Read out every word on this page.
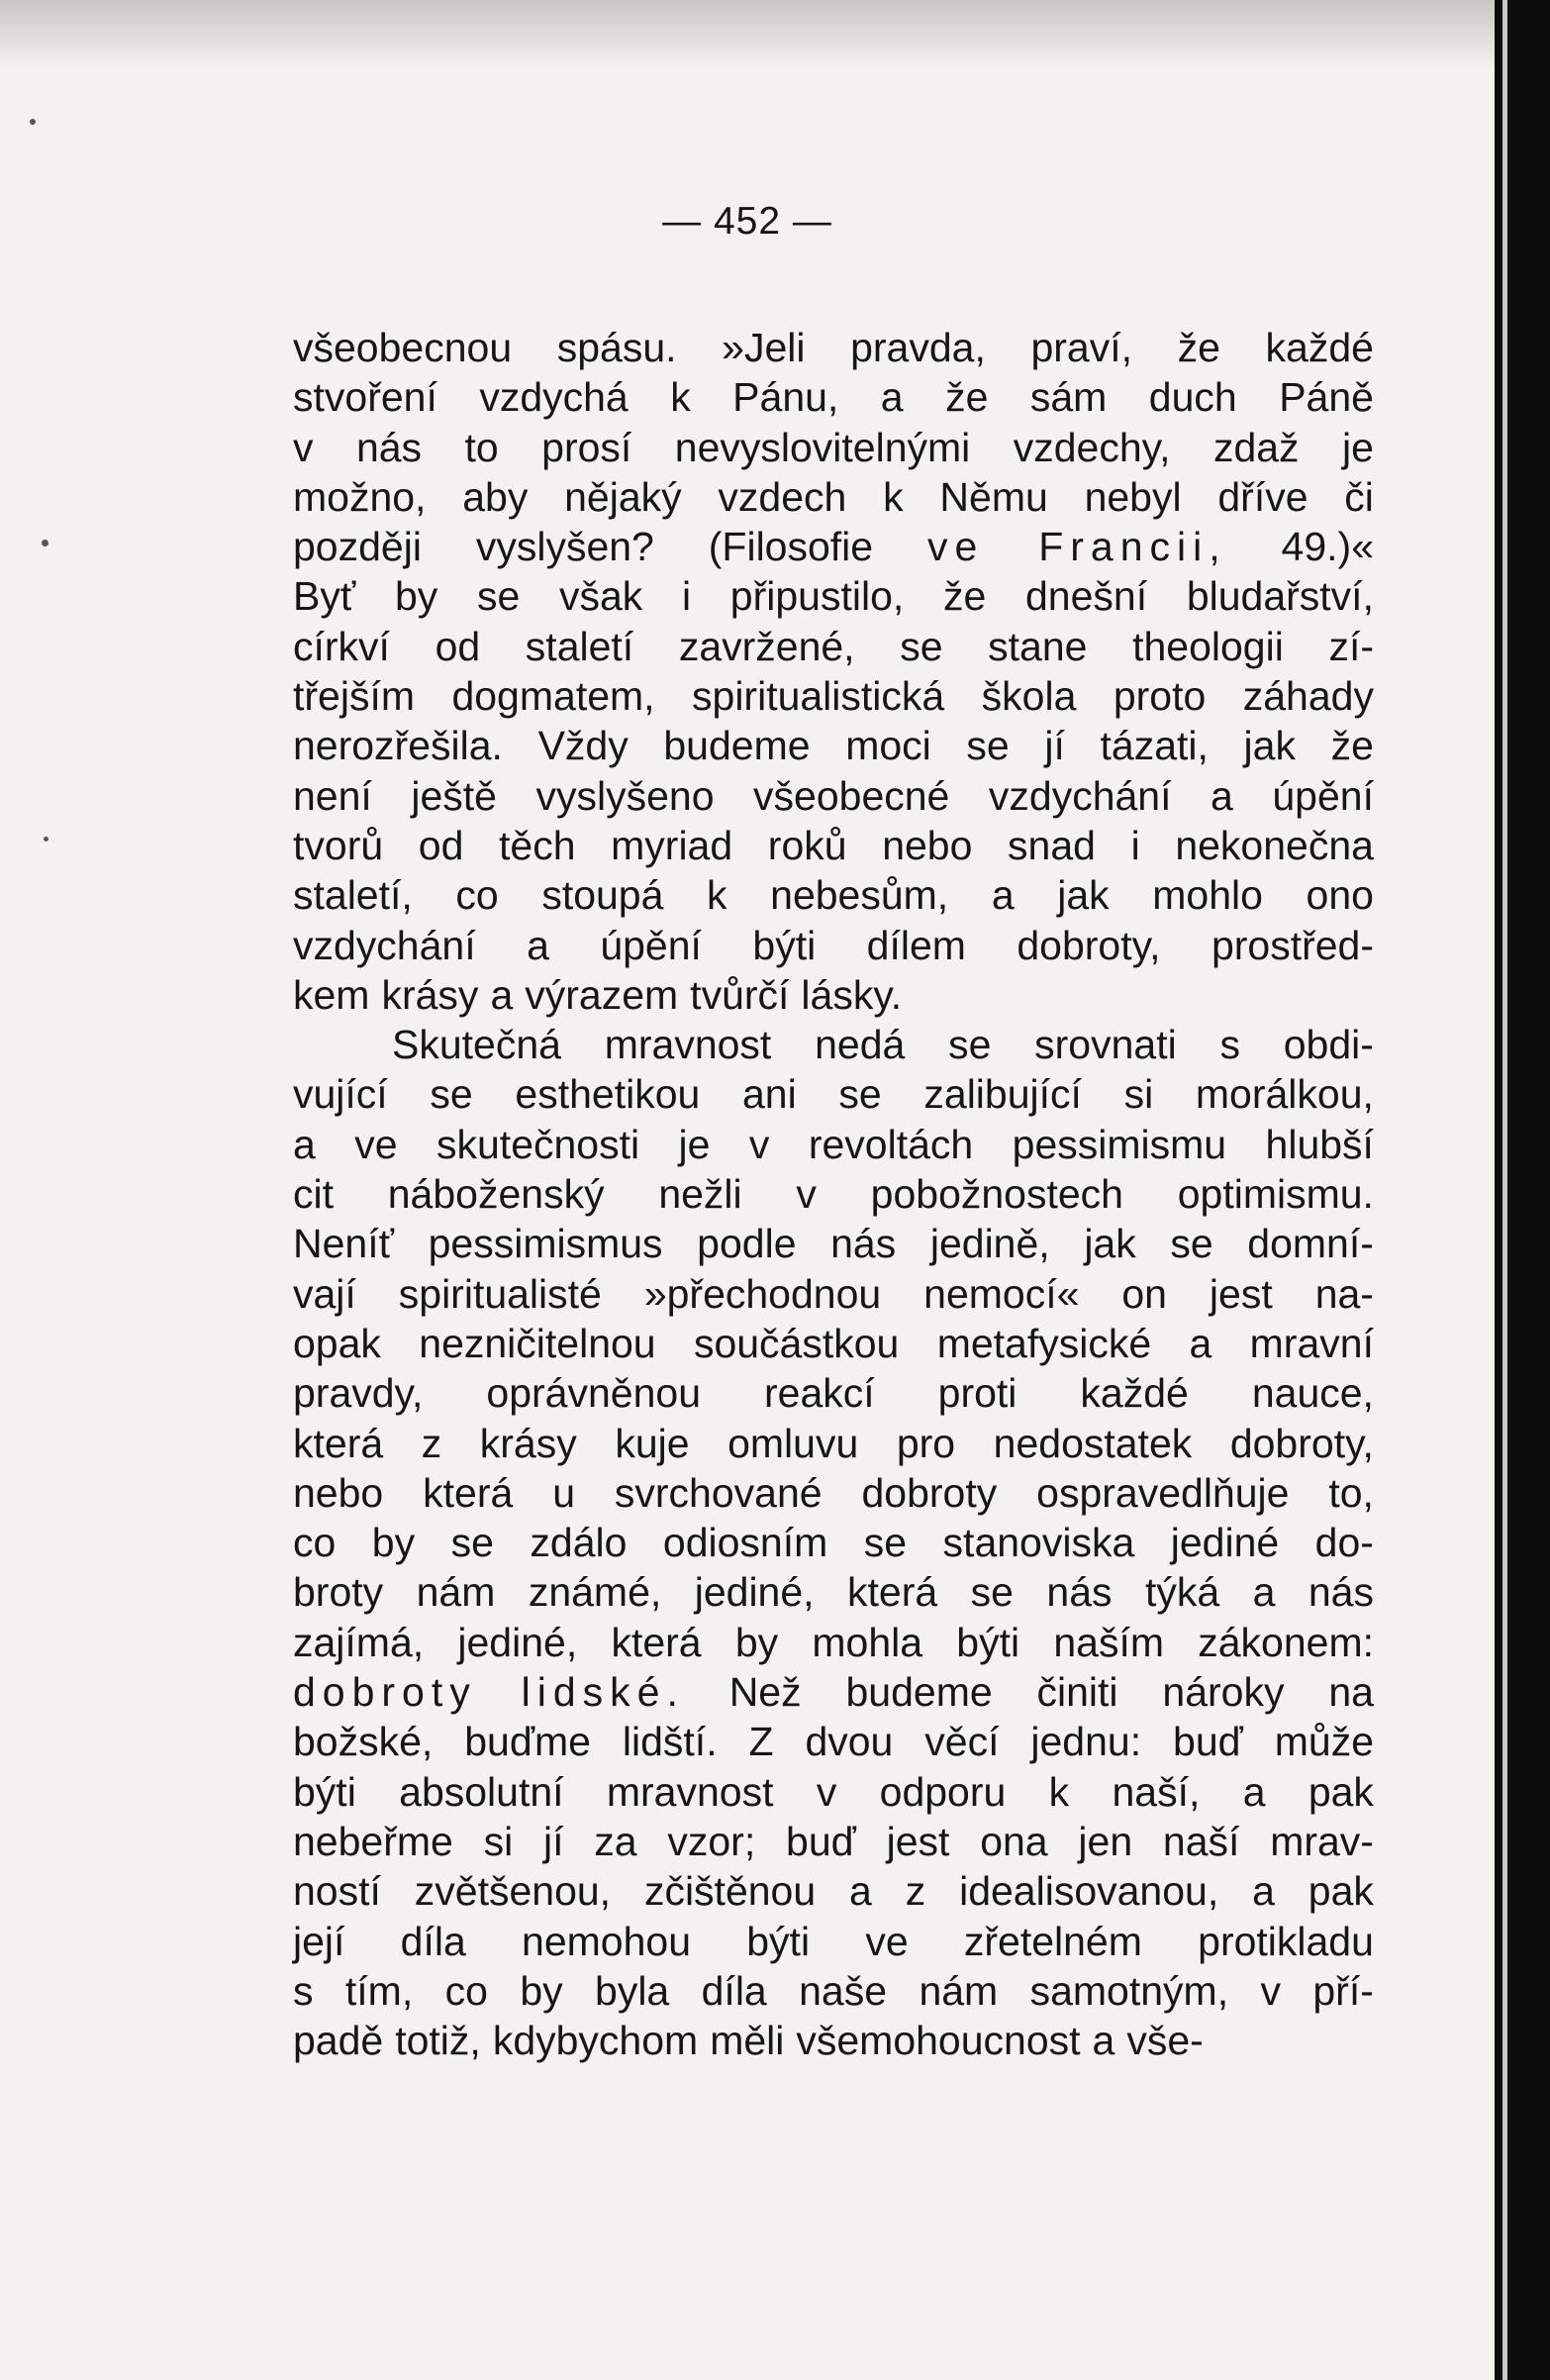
— 452 —
všeobecnou spásu. »Jeli pravda, praví, že každé
stvoření vzdychá k Pánu, a že sám duch Páně
v nás to prosí nevyslovitelnými vzdechy, zdaž je
možno, aby nějaký vzdech k Němu nebyl dříve či
později vyslyšen? (Filosofie ve Francii, 49.)«
Byť by se však i připustilo, že dnešní bludařství,
církví od staletí zavržené, se stane theologii zí-
třejším dogmatem, spiritualistická škola proto záhady
nerozřešila. Vždy budeme moci se jí tázati, jak že
není ještě vyslyšeno všeobecné vzdychání a úpění
tvorů od těch myriad roků nebo snad i nekonečna
staletí, co stoupá k nebesům, a jak mohlo ono
vzdychání a úpění býti dílem dobroty, prostřed-
kem krásy a výrazem tvůrčí lásky.
Skutečná mravnost nedá se srovnati s obdi-
vující se esthetikou ani se zalibující si morálkou,
a ve skutečnosti je v revoltách pessimismu hlubší
cit náboženský nežli v pobožnostech optimismu.
Neníť pessimismus podle nás jedině, jak se domní-
vají spiritualisté »přechodnou nemocí« on jest na-
opak nezničitelnou součástkou metafysické a mravní
pravdy, oprávněnou reakcí proti každé nauce,
která z krásy kuje omluvu pro nedostatek dobroty,
nebo která u svrchované dobroty ospravedlňuje to,
co by se zdálo odiosním se stanoviska jediné do-
broty nám známé, jediné, která se nás týká a nás
zajímá, jediné, která by mohla býti naším zákonem:
dobroty lidské. Než budeme činiti nároky na
božské, buďme lidští. Z dvou věcí jednu: buď může
býti absolutní mravnost v odporu k naší, a pak
nebeřme si jí za vzor; buď jest ona jen naší mrav-
ností zvětšenou, zčištěnou a z idealisovanou, a pak
její díla nemohou býti ve zřetelném protikladu
s tím, co by byla díla naše nám samotným, v pří-
padě totiž, kdybychom měli všemohoucnost a vše-
